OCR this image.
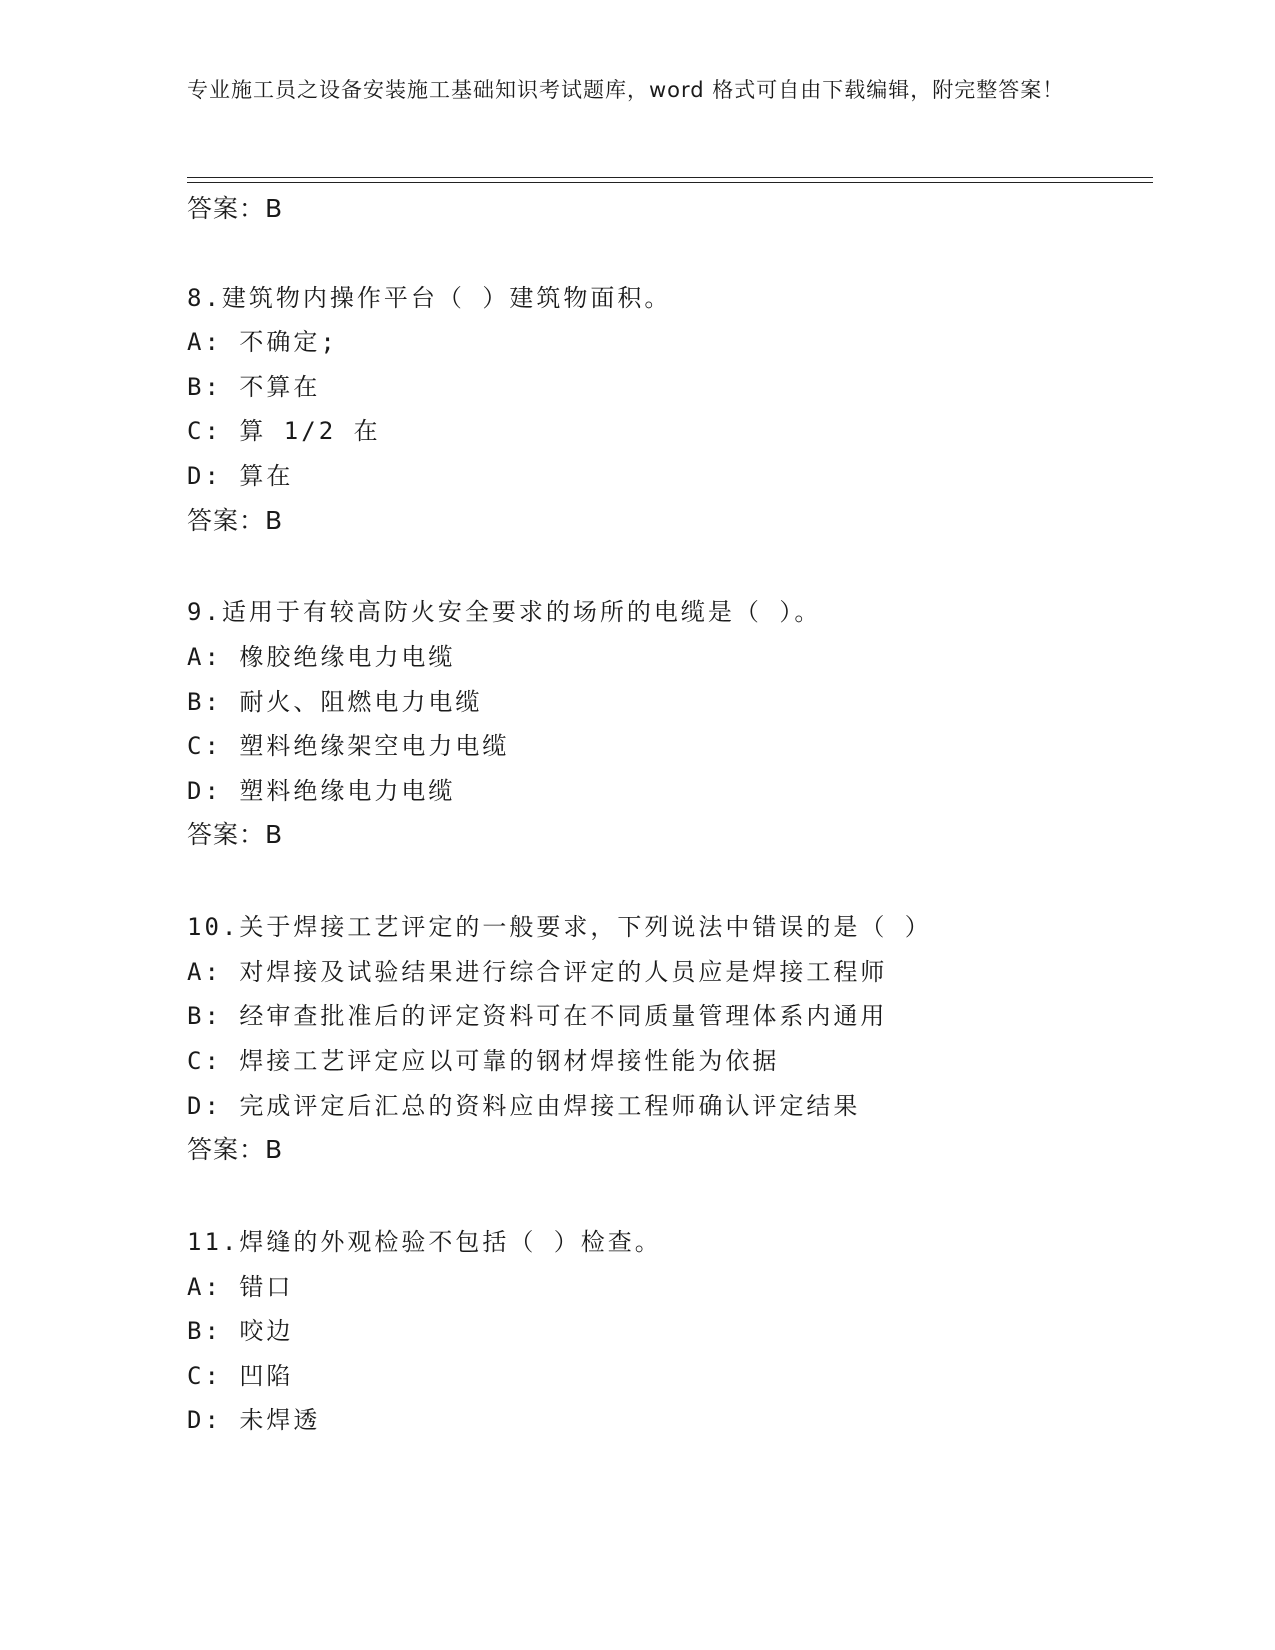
专业施工员之设备安装施工基础知识考试题库，word 格式可自由下载编辑，附完整答案！
答案：B
8.建筑物内操作平台（ ）建筑物面积。
A: 不确定;
B: 不算在
C: 算 1/2 在
D: 算在
答案：B
9.适用于有较高防火安全要求的场所的电缆是（ ）。
A: 橡胶绝缘电力电缆
B: 耐火、阻燃电力电缆
C: 塑料绝缘架空电力电缆
D: 塑料绝缘电力电缆
答案：B
10.关于焊接工艺评定的一般要求，下列说法中错误的是（ ）
A: 对焊接及试验结果进行综合评定的人员应是焊接工程师
B: 经审查批准后的评定资料可在不同质量管理体系内通用
C: 焊接工艺评定应以可靠的钢材焊接性能为依据
D: 完成评定后汇总的资料应由焊接工程师确认评定结果
答案：B
11.焊缝的外观检验不包括（ ）检查。
A: 错口
B: 咬边
C: 凹陷
D: 未焊透
